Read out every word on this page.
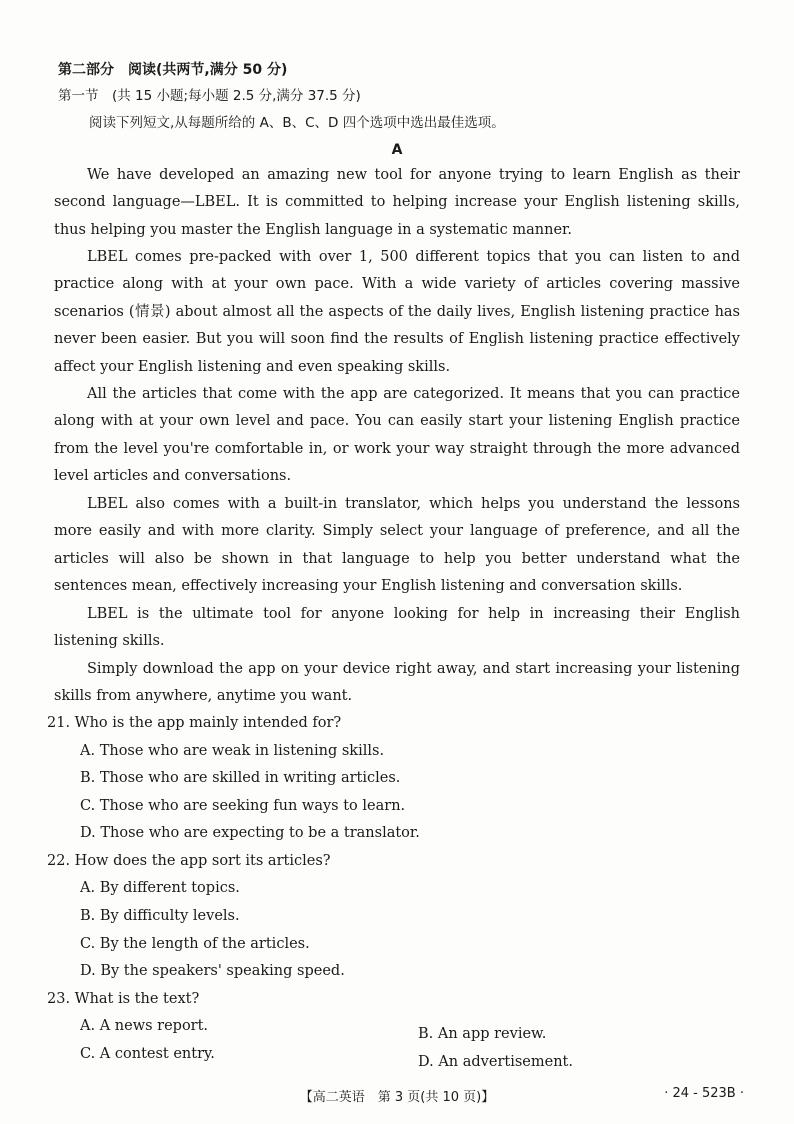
第二部分　阅读(共两节,满分 50 分)
第一节　(共 15 小题;每小题 2.5 分,满分 37.5 分)
阅读下列短文,从每题所给的 A、B、C、D 四个选项中选出最佳选项。
A

We have developed an amazing new tool for anyone trying to learn English as their second language—LBEL. It is committed to helping increase your English listening skills, thus helping you master the English language in a systematic manner.

LBEL comes pre-packed with over 1, 500 different topics that you can listen to and practice along with at your own pace. With a wide variety of articles covering massive scenarios (情景) about almost all the aspects of the daily lives, English listening practice has never been easier. But you will soon find the results of English listening practice effectively affect your English listening and even speaking skills.

All the articles that come with the app are categorized. It means that you can practice along with at your own level and pace. You can easily start your listening English practice from the level you're comfortable in, or work your way straight through the more advanced level articles and conversations.

LBEL also comes with a built-in translator, which helps you understand the lessons more easily and with more clarity. Simply select your language of preference, and all the articles will also be shown in that language to help you better understand what the sentences mean, effectively increasing your English listening and conversation skills.

LBEL is the ultimate tool for anyone looking for help in increasing their English listening skills.

Simply download the app on your device right away, and start increasing your listening skills from anywhere, anytime you want.

21. Who is the app mainly intended for?
A. Those who are weak in listening skills.
B. Those who are skilled in writing articles.
C. Those who are seeking fun ways to learn.
D. Those who are expecting to be a translator.
22. How does the app sort its articles?
A. By different topics.
B. By difficulty levels.
C. By the length of the articles.
D. By the speakers' speaking speed.
23. What is the text?
A. A news report.	B. An app review.
C. A contest entry.	D. An advertisement.
【高二英语　第 3 页(共 10 页)】	· 24 - 523B ·
